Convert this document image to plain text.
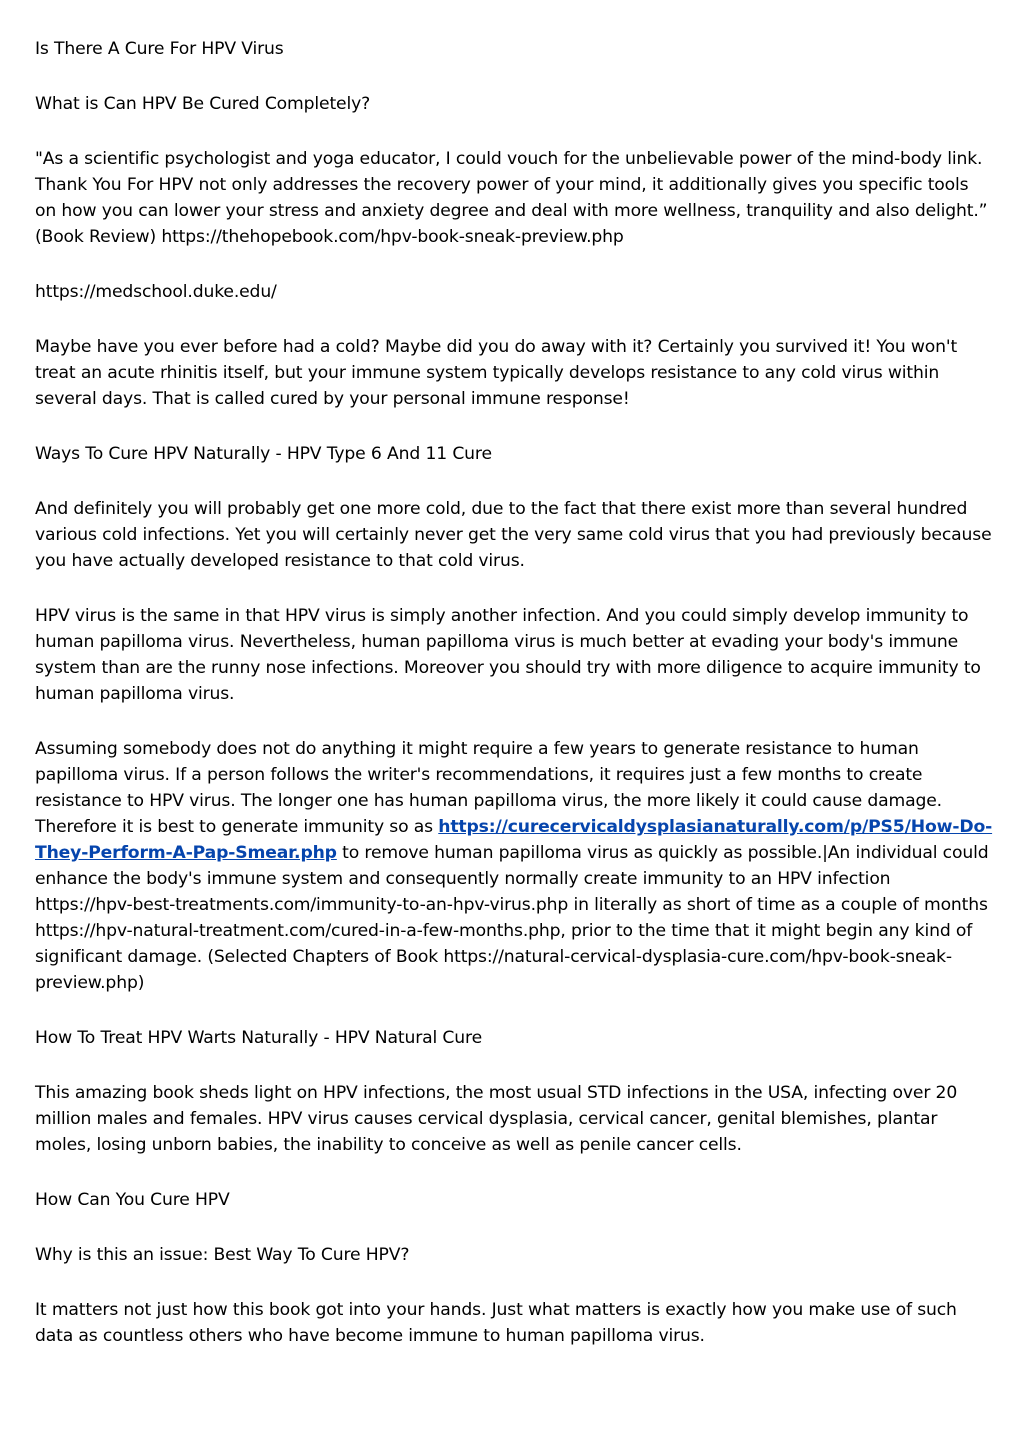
Is There A Cure For HPV Virus

What is Can HPV Be Cured Completely?

"As a scientific psychologist and yoga educator, I could vouch for the unbelievable power of the mind-body link. Thank You For HPV not only addresses the recovery power of your mind, it additionally gives you specific tools on how you can lower your stress and anxiety degree and deal with more wellness, tranquility and also delight.” (Book Review) https://thehopebook.com/hpv-book-sneak-preview.php

https://medschool.duke.edu/

Maybe have you ever before had a cold? Maybe did you do away with it? Certainly you survived it! You won't treat an acute rhinitis itself, but your immune system typically develops resistance to any cold virus within several days. That is called cured by your personal immune response!

Ways To Cure HPV Naturally - HPV Type 6 And 11 Cure

And definitely you will probably get one more cold, due to the fact that there exist more than several hundred various cold infections. Yet you will certainly never get the very same cold virus that you had previously because you have actually developed resistance to that cold virus.

HPV virus is the same in that HPV virus is simply another infection. And you could simply develop immunity to human papilloma virus. Nevertheless, human papilloma virus is much better at evading your body's immune system than are the runny nose infections. Moreover you should try with more diligence to acquire immunity to human papilloma virus.

Assuming somebody does not do anything it might require a few years to generate resistance to human papilloma virus. If a person follows the writer's recommendations, it requires just a few months to create resistance to HPV virus. The longer one has human papilloma virus, the more likely it could cause damage. Therefore it is best to generate immunity so as https://curecervicaldysplasianaturally.com/p/PS5/How-Do-They-Perform-A-Pap-Smear.php to remove human papilloma virus as quickly as possible.|An individual could enhance the body's immune system and consequently normally create immunity to an HPV infection https://hpv-best-treatments.com/immunity-to-an-hpv-virus.php in literally as short of time as a couple of months https://hpv-natural-treatment.com/cured-in-a-few-months.php, prior to the time that it might begin any kind of significant damage. (Selected Chapters of Book https://natural-cervical-dysplasia-cure.com/hpv-book-sneak-preview.php)

How To Treat HPV Warts Naturally - HPV Natural Cure

This amazing book sheds light on HPV infections, the most usual STD infections in the USA, infecting over 20 million males and females. HPV virus causes cervical dysplasia, cervical cancer, genital blemishes, plantar moles, losing unborn babies, the inability to conceive as well as penile cancer cells.

How Can You Cure HPV

Why is this an issue: Best Way To Cure HPV?

It matters not just how this book got into your hands. Just what matters is exactly how you make use of such data as countless others who have become immune to human papilloma virus.
